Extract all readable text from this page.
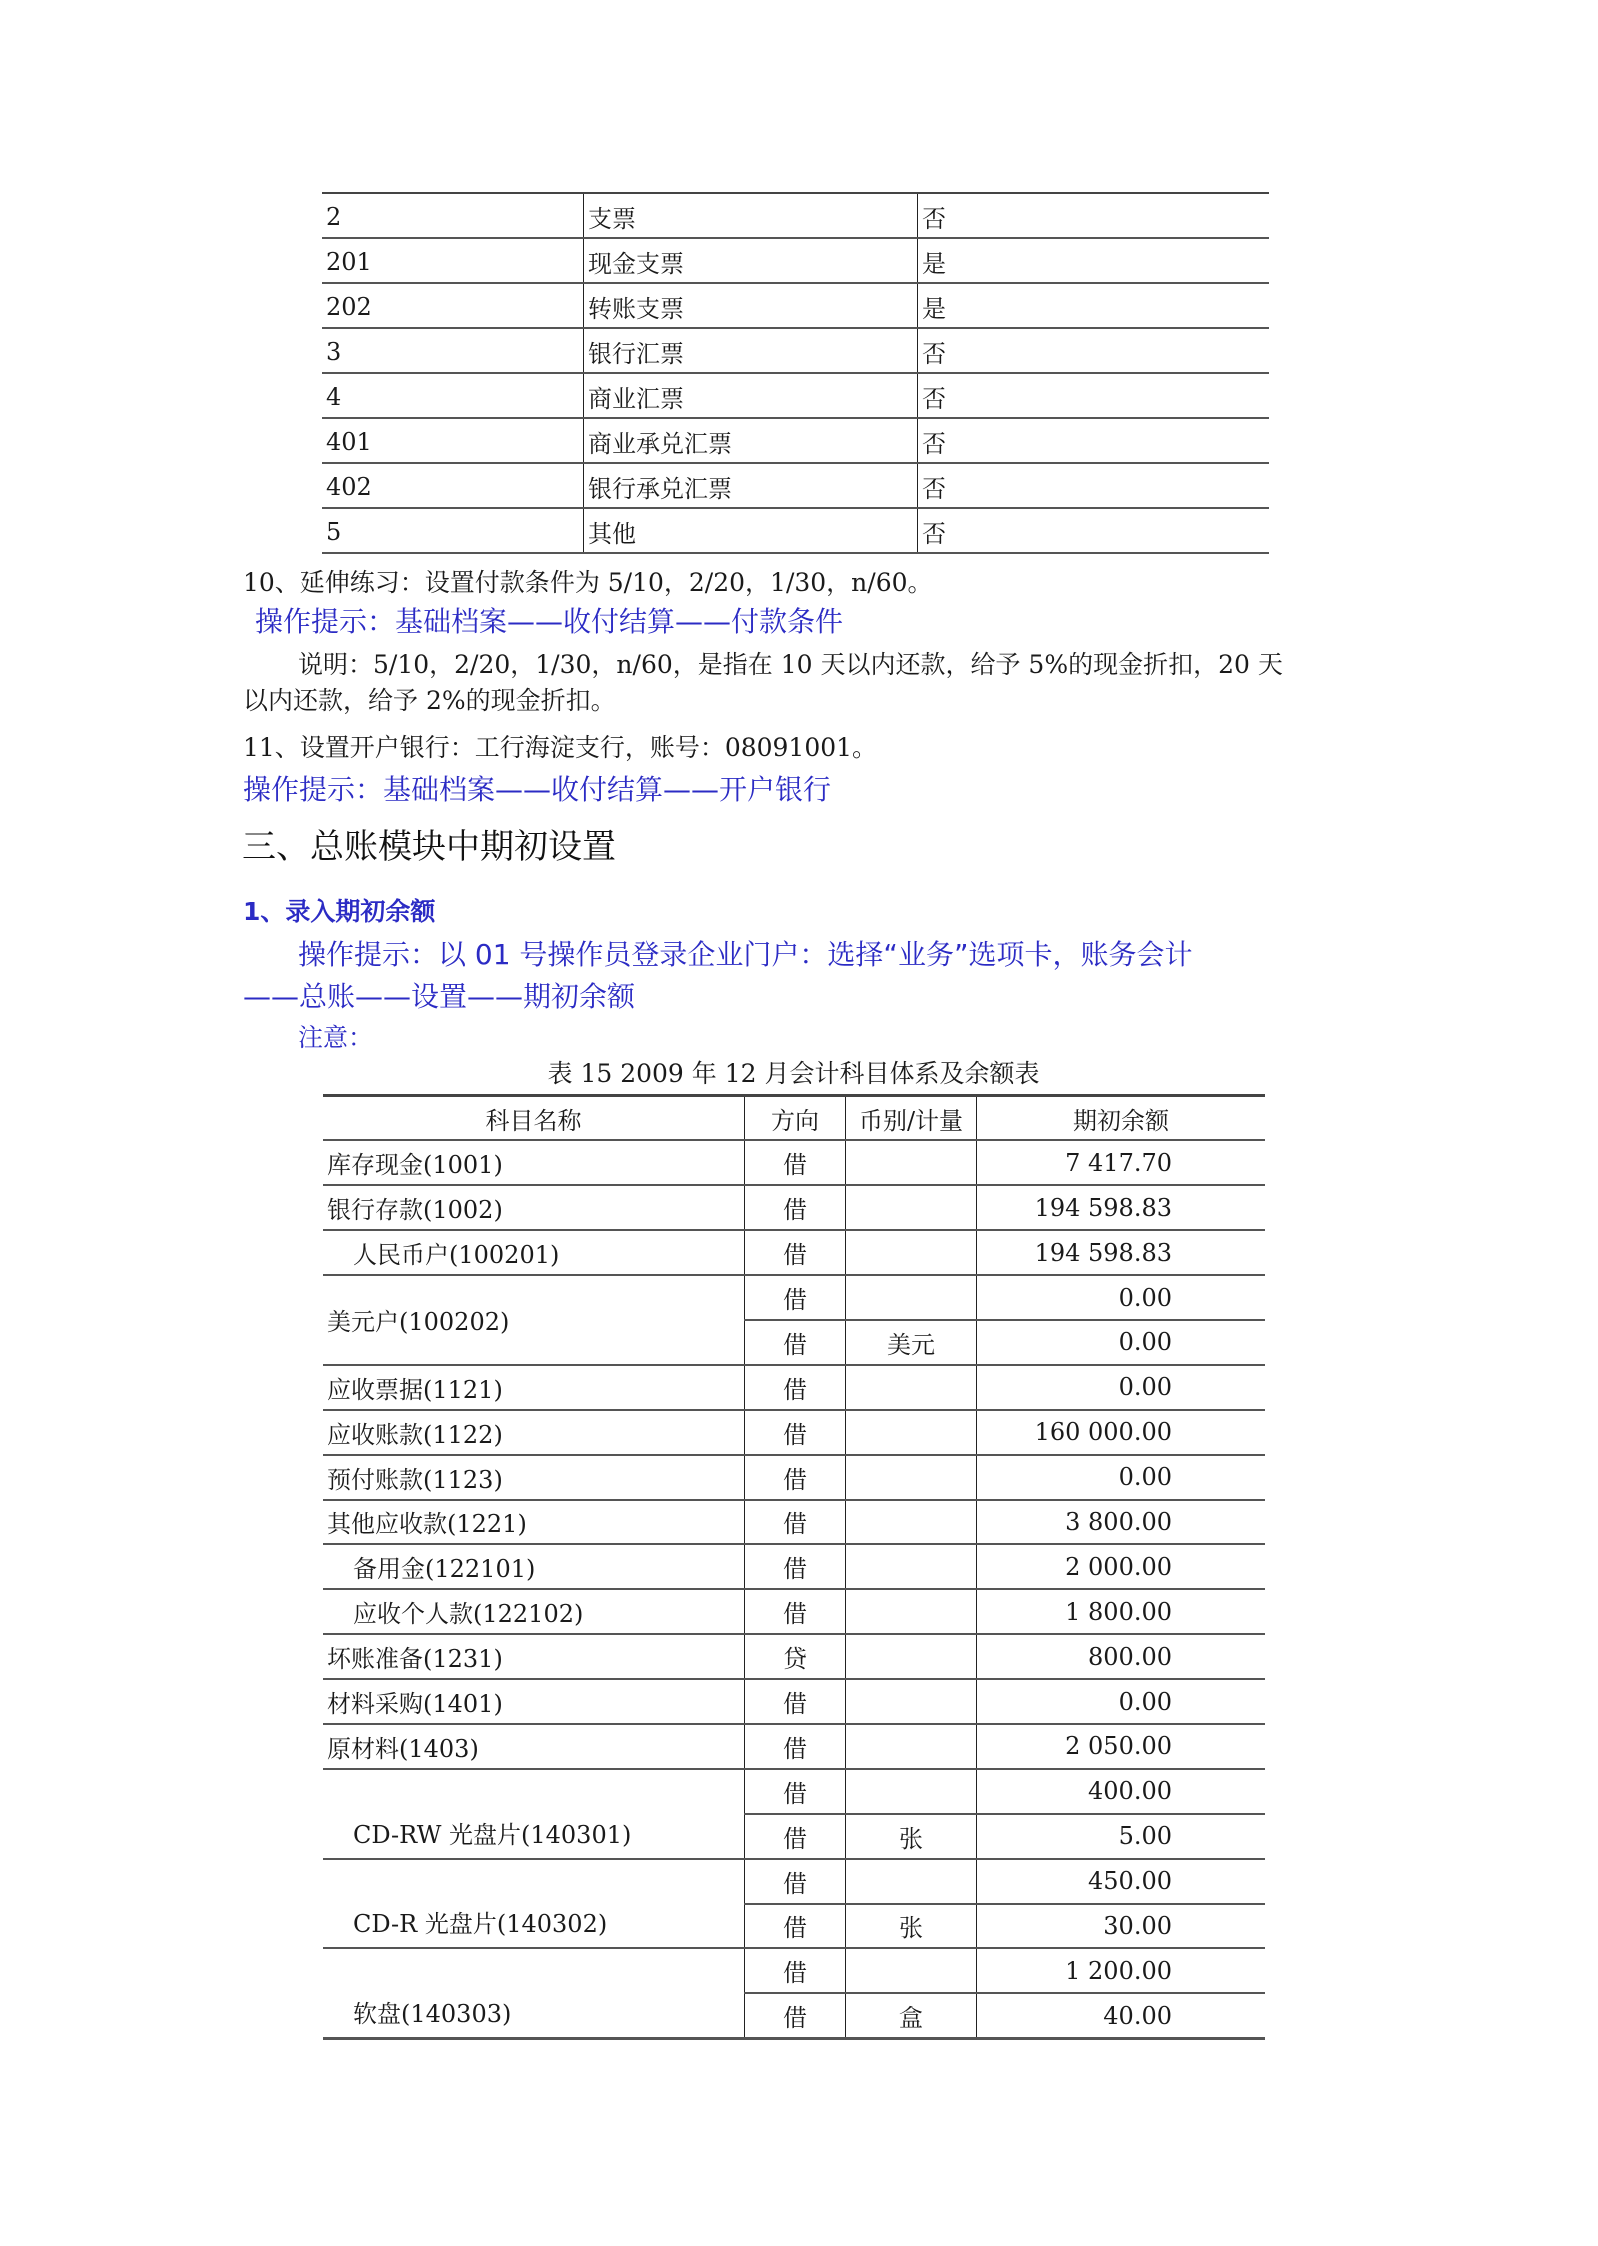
2	支票	否
201	现金支票	是
202	转账支票	是
3	银行汇票	否
4	商业汇票	否
401	商业承兑汇票	否
402	银行承兑汇票	否
5	其他	否
10、延伸练习：设置付款条件为 5/10，2/20，1/30，n/60。
操作提示：基础档案——收付结算——付款条件
说明：5/10，2/20，1/30，n/60，是指在 10 天以内还款，给予 5%的现金折扣，20 天
以内还款，给予 2%的现金折扣。
11、设置开户银行：工行海淀支行，账号：08091001。
操作提示：基础档案——收付结算——开户银行
三、总账模块中期初设置
1、录入期初余额
操作提示：以 01 号操作员登录企业门户：选择“业务”选项卡，账务会计
——总账——设置——期初余额
注意：
表 15 2009 年 12 月会计科目体系及余额表
科目名称	方向	币别/计量	期初余额
库存现金(1001)	借		7 417.70
银行存款(1002)	借		194 598.83
人民币户(100201)	借		194 598.83
美元户(100202)	借		0.00
	借	美元	0.00
应收票据(1121)	借		0.00
应收账款(1122)	借		160 000.00
预付账款(1123)	借		0.00
其他应收款(1221)	借		3 800.00
备用金(122101)	借		2 000.00
应收个人款(122102)	借		1 800.00
坏账准备(1231)	贷		800.00
材料采购(1401)	借		0.00
原材料(1403)	借		2 050.00
CD-RW 光盘片(140301)	借		400.00
	借	张	5.00
CD-R 光盘片(140302)	借		450.00
	借	张	30.00
软盘(140303)	借		1 200.00
	借	盒	40.00
